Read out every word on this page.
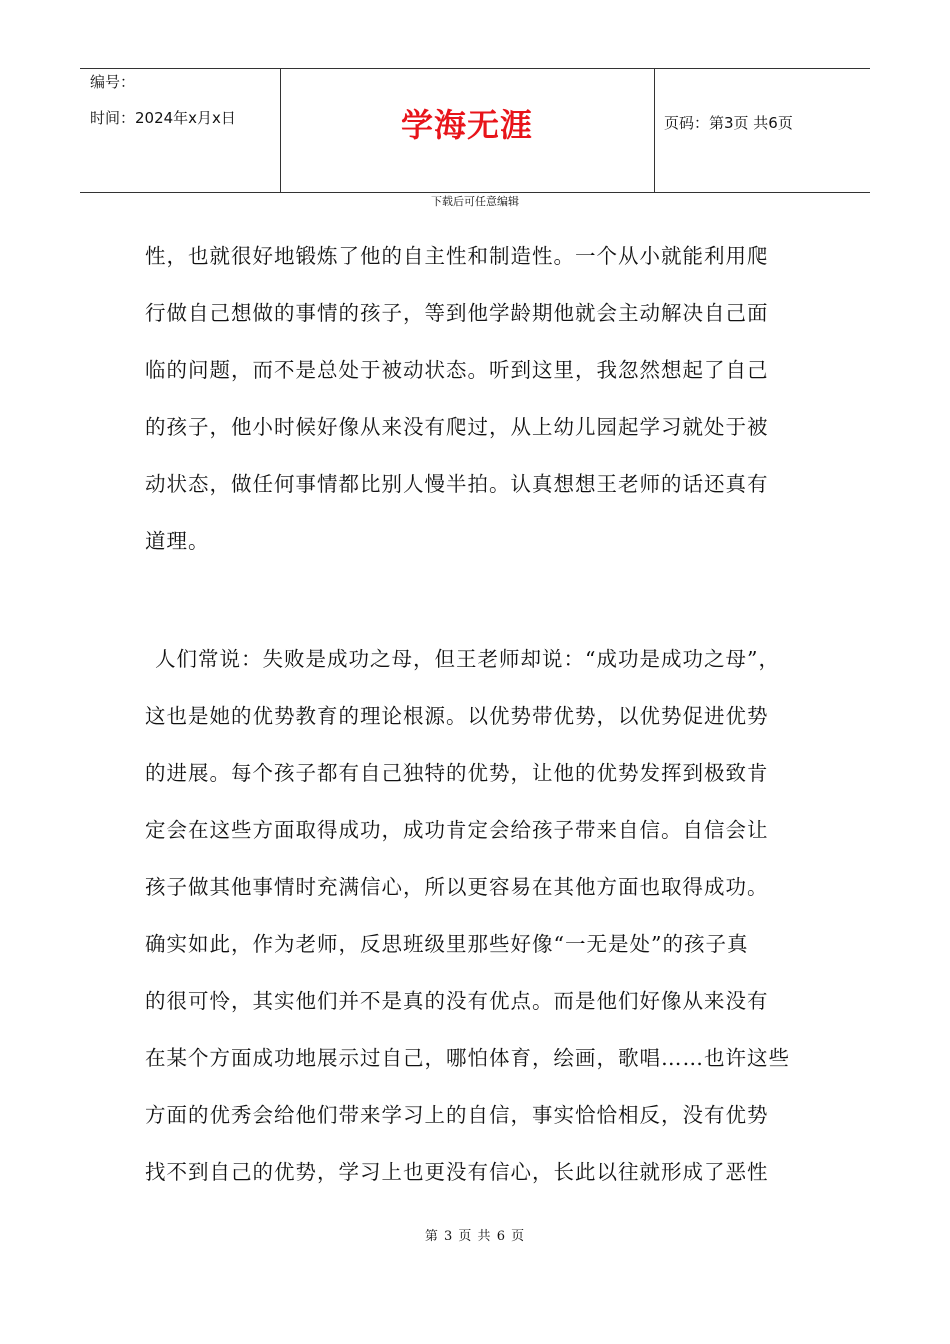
编号：
时间：2024年x月x日	学海无涯	页码：第3页 共6页
下载后可任意编辑
性，也就很好地锻炼了他的自主性和制造性。一个从小就能利用爬
行做自己想做的事情的孩子，等到他学龄期他就会主动解决自己面
临的问题，而不是总处于被动状态。听到这里，我忽然想起了自己
的孩子，他小时候好像从来没有爬过，从上幼儿园起学习就处于被
动状态，做任何事情都比别人慢半拍。认真想想王老师的话还真有
道理。
人们常说：失败是成功之母，但王老师却说：“成功是成功之母”，
这也是她的优势教育的理论根源。以优势带优势，以优势促进优势
的进展。每个孩子都有自己独特的优势，让他的优势发挥到极致肯
定会在这些方面取得成功，成功肯定会给孩子带来自信。自信会让
孩子做其他事情时充满信心，所以更容易在其他方面也取得成功。
确实如此，作为老师，反思班级里那些好像“一无是处”的孩子真
的很可怜，其实他们并不是真的没有优点。而是他们好像从来没有
在某个方面成功地展示过自己，哪怕体育，绘画，歌唱……也许这些
方面的优秀会给他们带来学习上的自信，事实恰恰相反，没有优势
找不到自己的优势，学习上也更没有信心，长此以往就形成了恶性
第 3 页 共 6 页
